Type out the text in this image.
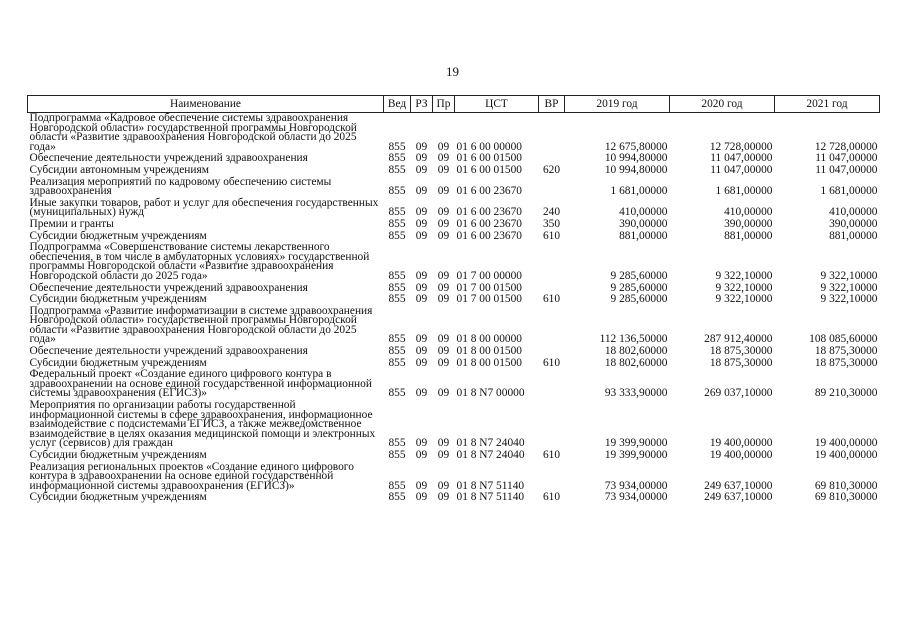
19
Наименование	Вед	РЗ	Пр	ЦСТ	ВР	2019 год	2020 год	2021 год
Подпрограмма «Кадровое обеспечение системы здравоохранения Новгородской области» государственной программы Новгородской области «Развитие здравоохранения Новгородской области до 2025 года»	855	09	09	01 6 00 00000		12 675,80000	12 728,00000	12 728,00000
Обеспечение деятельности учреждений здравоохранения	855	09	09	01 6 00 01500		10 994,80000	11 047,00000	11 047,00000
Субсидии автономным учреждениям	855	09	09	01 6 00 01500	620	10 994,80000	11 047,00000	11 047,00000
Реализация мероприятий по кадровому обеспечению системы здравоохранения	855	09	09	01 6 00 23670		1 681,00000	1 681,00000	1 681,00000
Иные закупки товаров, работ и услуг для обеспечения государственных (муниципальных) нужд	855	09	09	01 6 00 23670	240	410,00000	410,00000	410,00000
Премии и гранты	855	09	09	01 6 00 23670	350	390,00000	390,00000	390,00000
Субсидии бюджетным учреждениям	855	09	09	01 6 00 23670	610	881,00000	881,00000	881,00000
Подпрограмма «Совершенствование системы лекарственного обеспечения, в том числе в амбулаторных условиях» государственной программы Новгородской области «Развитие здравоохранения Новгородской области до 2025 года»	855	09	09	01 7 00 00000		9 285,60000	9 322,10000	9 322,10000
Обеспечение деятельности учреждений здравоохранения	855	09	09	01 7 00 01500		9 285,60000	9 322,10000	9 322,10000
Субсидии бюджетным учреждениям	855	09	09	01 7 00 01500	610	9 285,60000	9 322,10000	9 322,10000
Подпрограмма «Развитие информатизации в системе здравоохранения Новгородской области» государственной программы Новгородской области «Развитие здравоохранения Новгородской области до 2025 года»	855	09	09	01 8 00 00000		112 136,50000	287 912,40000	108 085,60000
Обеспечение деятельности учреждений здравоохранения	855	09	09	01 8 00 01500		18 802,60000	18 875,30000	18 875,30000
Субсидии бюджетным учреждениям	855	09	09	01 8 00 01500	610	18 802,60000	18 875,30000	18 875,30000
Федеральный проект «Создание единого цифрового контура в здравоохранении на основе единой государственной информационной системы здравоохранения (ЕГИСЗ)»	855	09	09	01 8 N7 00000		93 333,90000	269 037,10000	89 210,30000
Мероприятия по организации работы государственной информационной системы в сфере здравоохранения, информационное взаимодействие с подсистемами ЕГИСЗ, а также межведомственное взаимодействие в целях оказания медицинской помощи и электронных услуг (сервисов) для граждан	855	09	09	01 8 N7 24040		19 399,90000	19 400,00000	19 400,00000
Субсидии бюджетным учреждениям	855	09	09	01 8 N7 24040	610	19 399,90000	19 400,00000	19 400,00000
Реализация региональных проектов «Создание единого цифрового контура в здравоохранении на основе единой государственной информационной системы здравоохранения (ЕГИСЗ)»	855	09	09	01 8 N7 51140		73 934,00000	249 637,10000	69 810,30000
Субсидии бюджетным учреждениям	855	09	09	01 8 N7 51140	610	73 934,00000	249 637,10000	69 810,30000
